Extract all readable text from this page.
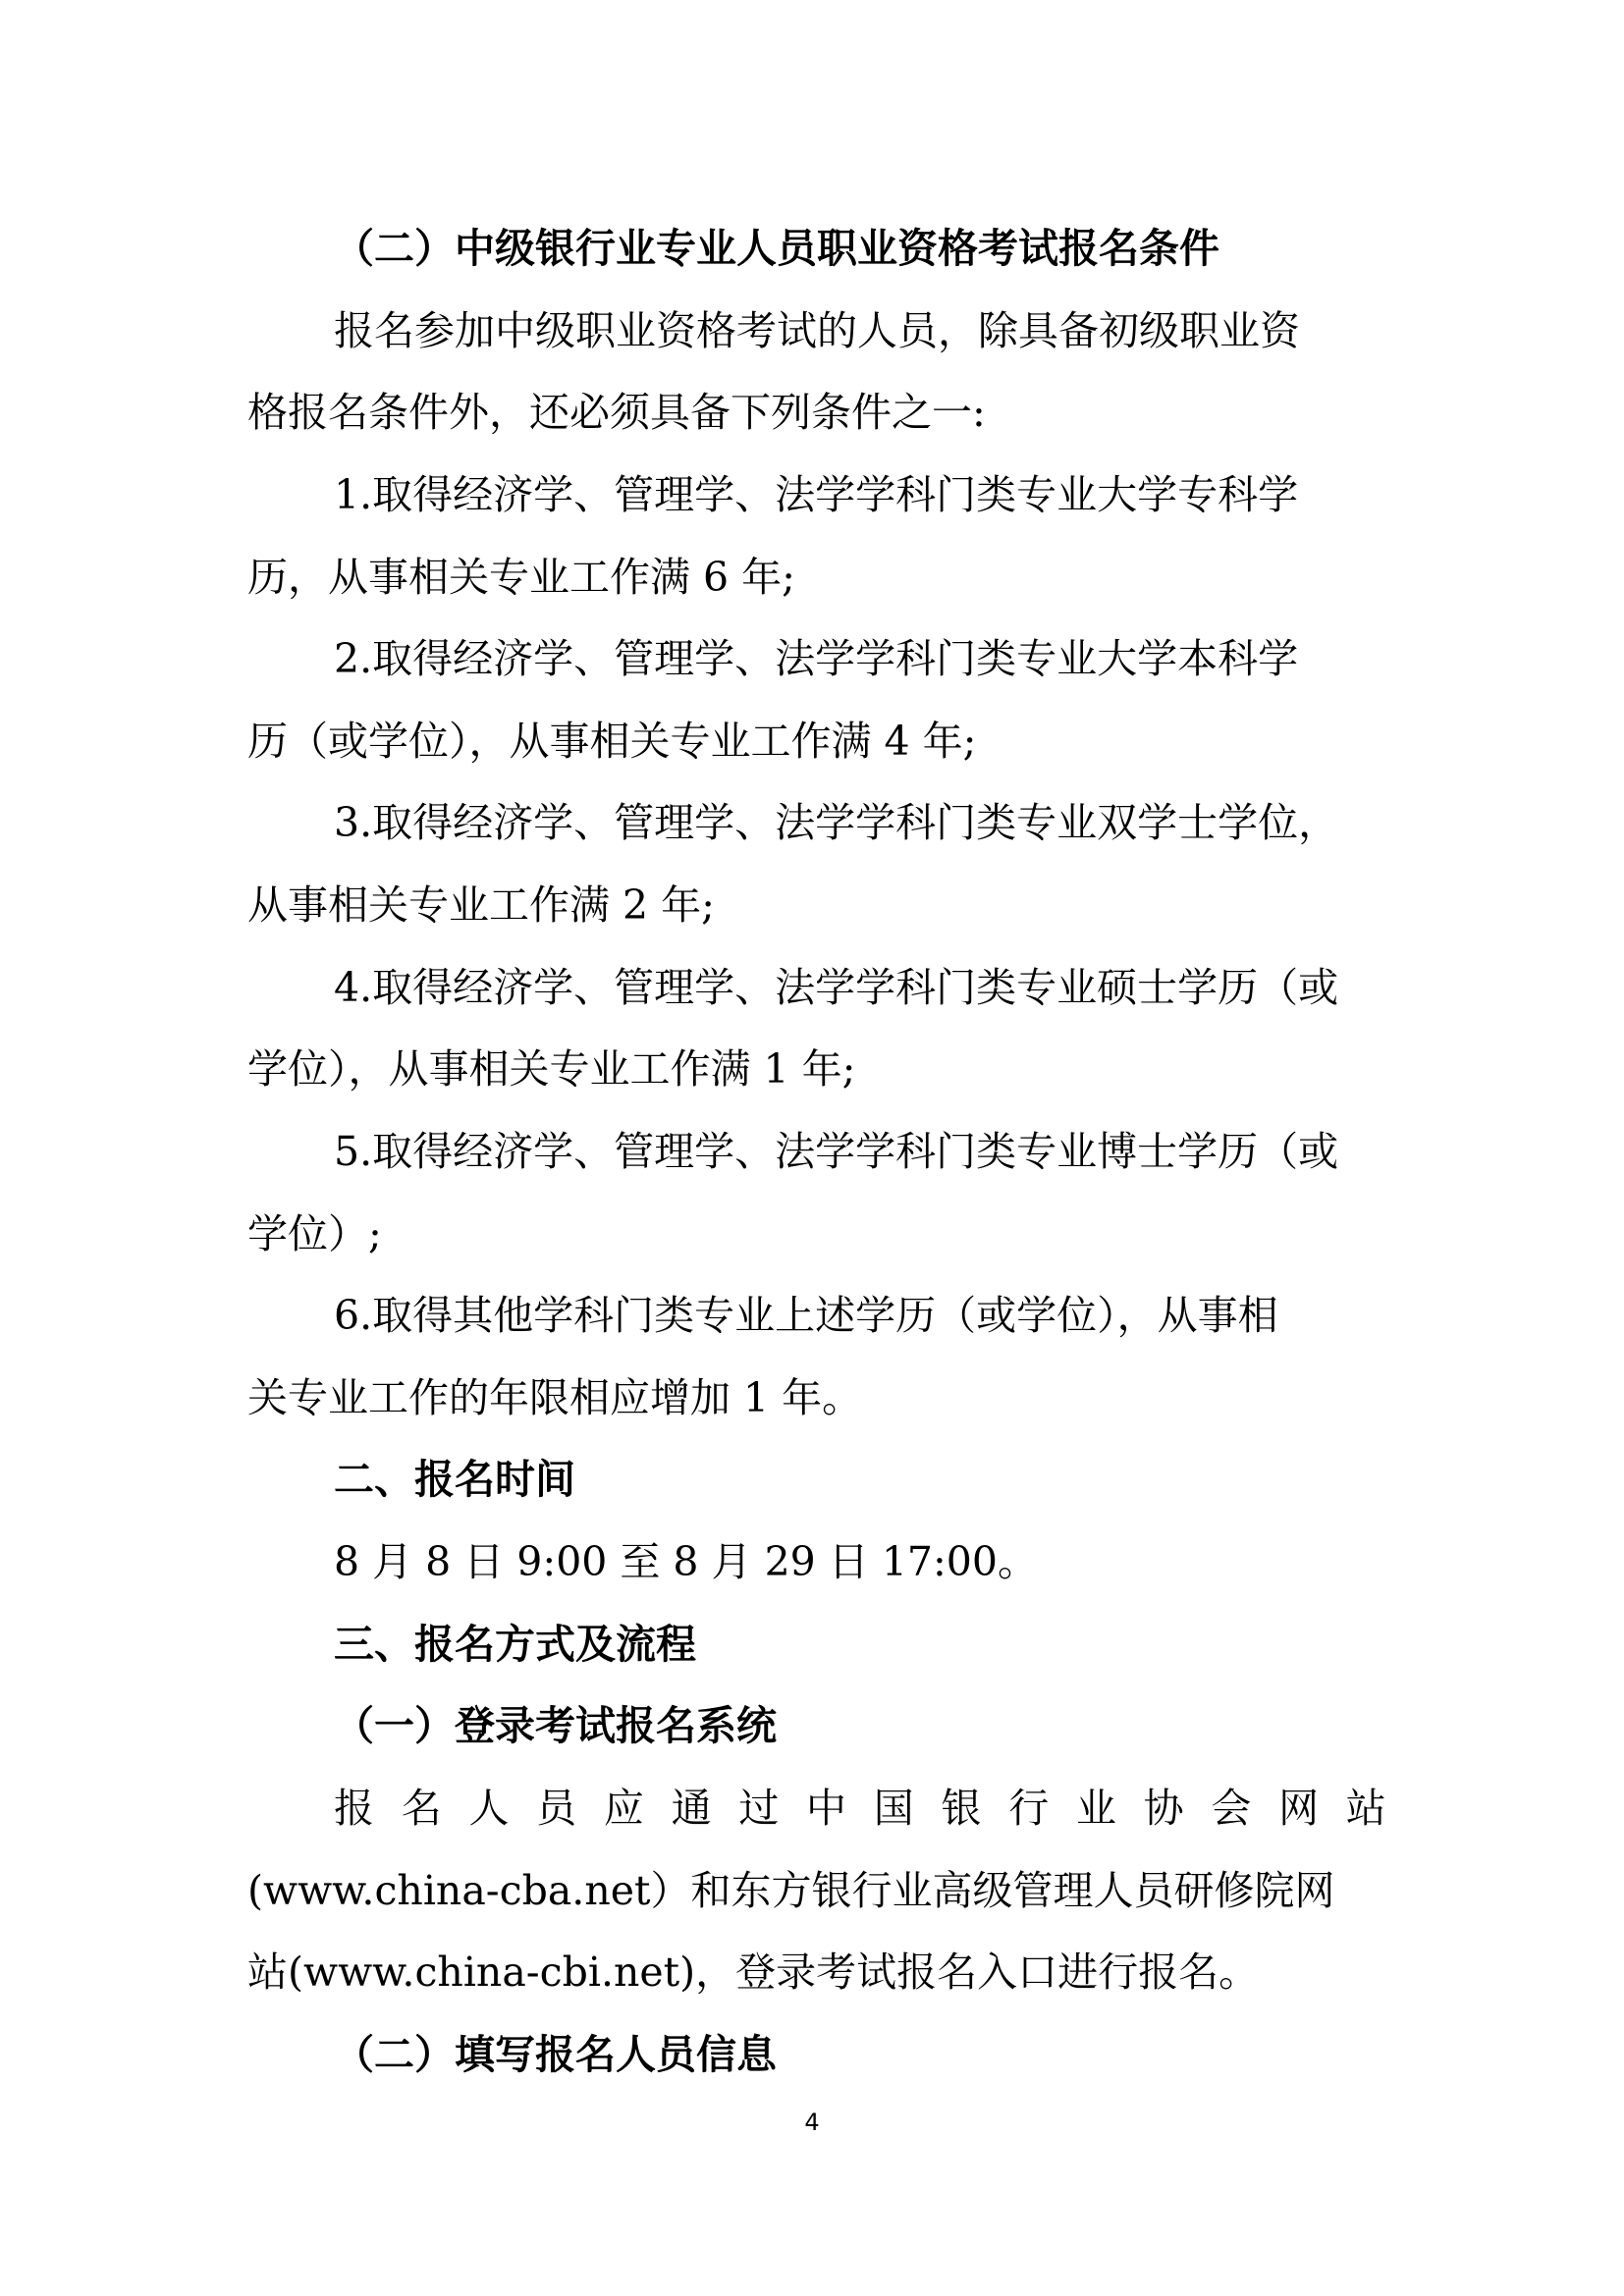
（二）中级银行业专业人员职业资格考试报名条件
报名参加中级职业资格考试的人员，除具备初级职业资
格报名条件外，还必须具备下列条件之一:
1.取得经济学、管理学、法学学科门类专业大学专科学
历，从事相关专业工作满 6 年;
2.取得经济学、管理学、法学学科门类专业大学本科学
历（或学位），从事相关专业工作满 4 年;
3.取得经济学、管理学、法学学科门类专业双学士学位，
从事相关专业工作满 2 年;
4.取得经济学、管理学、法学学科门类专业硕士学历（或
学位），从事相关专业工作满 1 年;
5.取得经济学、管理学、法学学科门类专业博士学历（或
学位）;
6.取得其他学科门类专业上述学历（或学位），从事相
关专业工作的年限相应增加 1 年。
二、报名时间
8 月 8 日 9:00 至 8 月 29 日 17:00。
三、报名方式及流程
（一）登录考试报名系统
报 名 人 员 应 通 过 中 国 银 行 业 协 会 网 站
(www.china-cba.net）和东方银行业高级管理人员研修院网
站(www.china-cbi.net)，登录考试报名入口进行报名。
（二）填写报名人员信息
4
